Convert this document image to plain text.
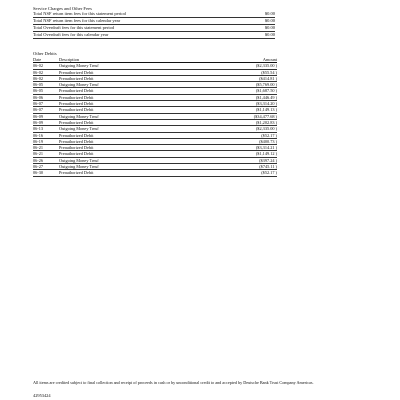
Service Charges and Other Fees
Total NSF return item fees for this statement period	$0.00
Total NSF return item fees for this calendar year	$0.00
Total Overdraft fees for this statement period	$0.00
Total Overdraft fees for this calendar year	$0.00
Other Debits
Date	Description	Amount
06-02	Outgoing Money Trnsf	($2,335.00 )
06-02	Preauthorized Debit	($55.54 )
06-02	Preauthorized Debit	($414.81 )
06-05	Outgoing Money Trnsf	($5,769.00 )
06-05	Preauthorized Debit	($1,687.50 )
06-06	Preauthorized Debit	($1,446.49 )
06-07	Preauthorized Debit	($3,314.20 )
06-07	Preauthorized Debit	($1,149.13 )
06-09	Outgoing Money Trnsf	($34,477.68 )
06-09	Preauthorized Debit	($1,202.83 )
06-13	Outgoing Money Trnsf	($2,335.00 )
06-16	Preauthorized Debit	($52.17 )
06-19	Preauthorized Debit	($400.73 )
06-21	Preauthorized Debit	($3,314.21 )
06-21	Preauthorized Debit	($1,149.12 )
06-26	Outgoing Money Trnsf	($397.24 )
06-27	Outgoing Money Trnsf	($745.11 )
06-30	Preauthorized Debit	($52.17 )
All items are credited subject to final collection and receipt of proceeds in cash or by unconditional credit to and accepted by Deutsche Bank Trust Company Americas.
42953424
